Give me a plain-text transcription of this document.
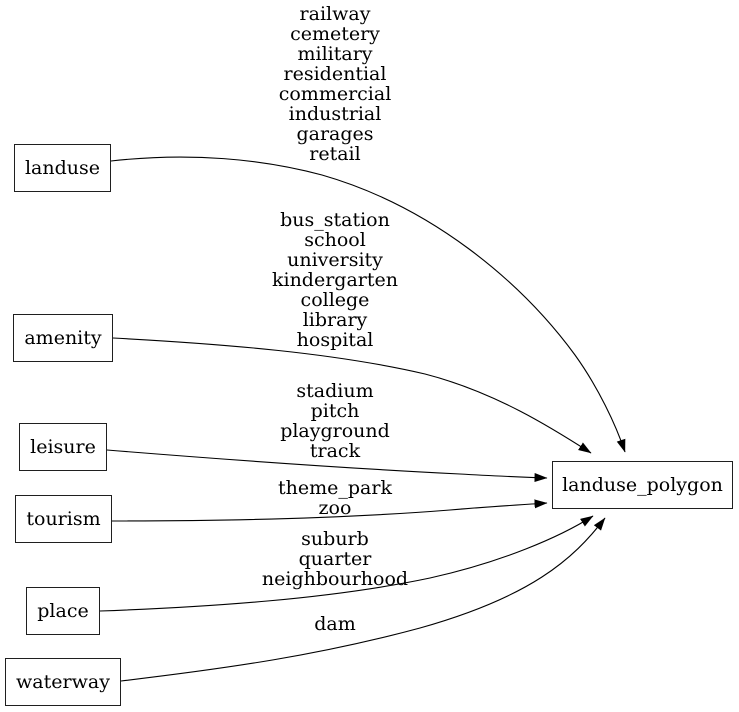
landuse
amenity
leisure
tourism
place
waterway
landuse_polygon
railway
cemetery
military
residential
commercial
industrial
garages
retail
bus_station
school
university
kindergarten
college
library
hospital
stadium
pitch
playground
track
theme_park
zoo
suburb
quarter
neighbourhood
dam
